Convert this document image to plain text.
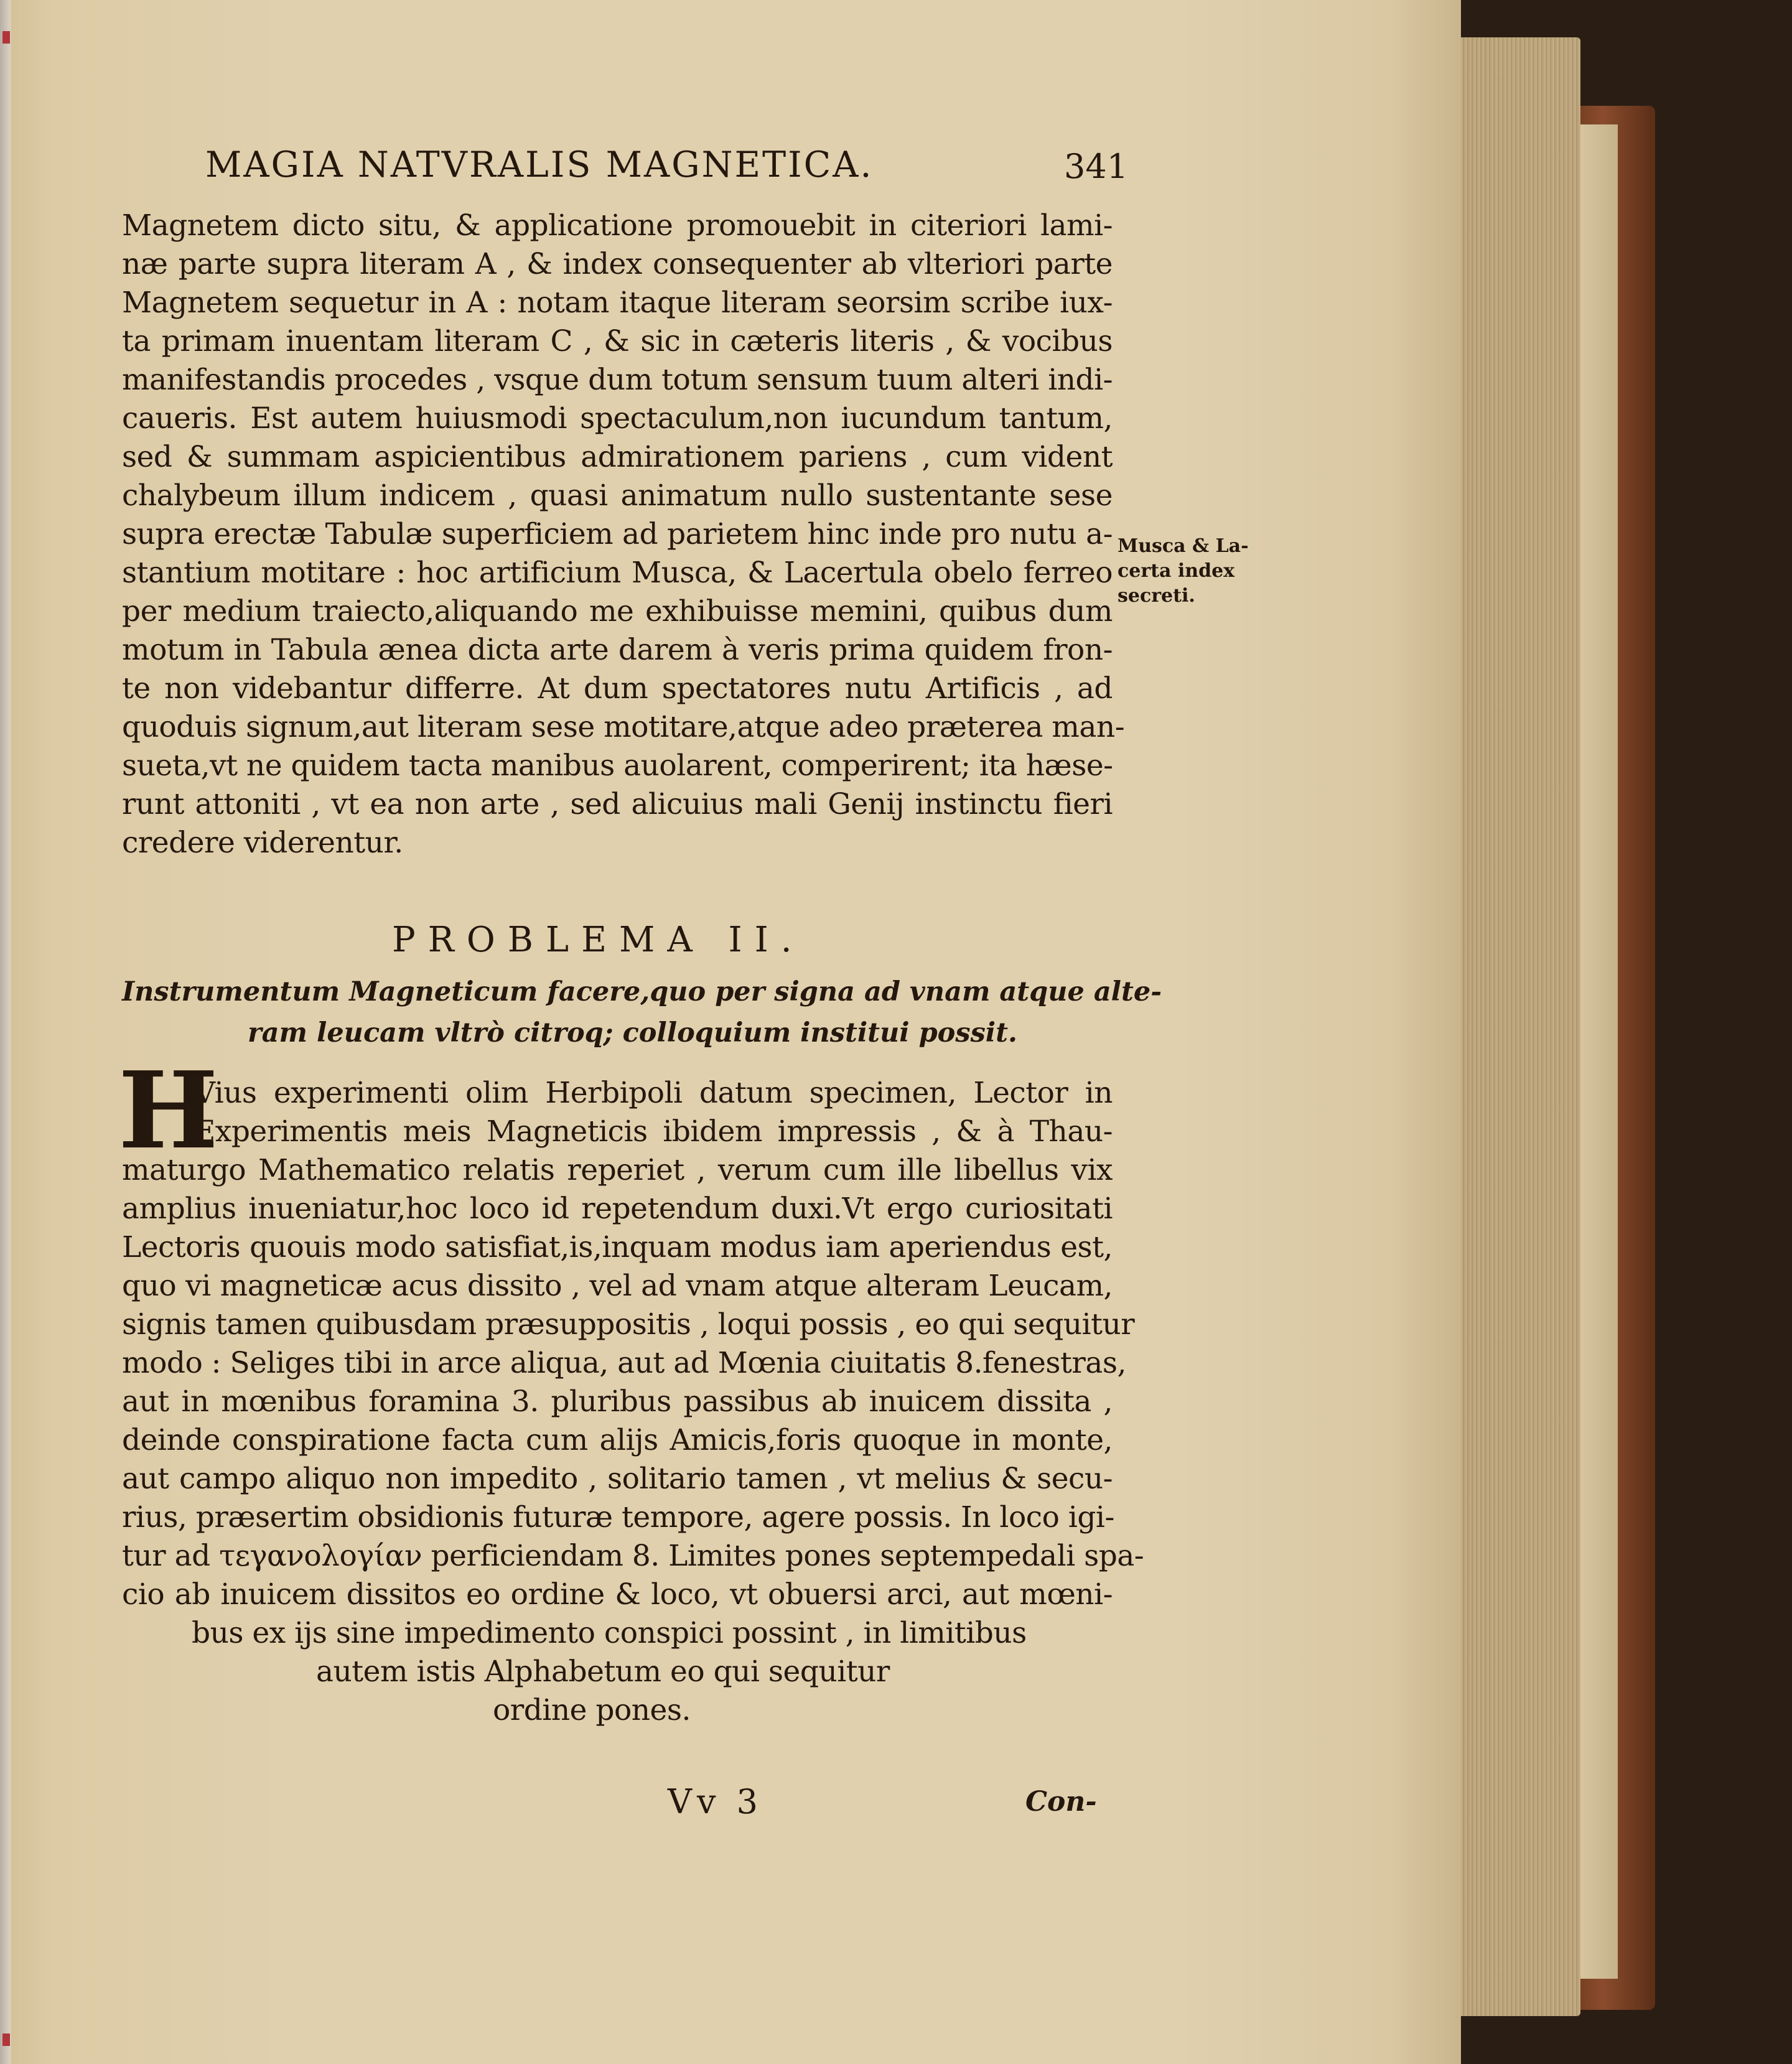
MAGIA NATVRALIS MAGNETICA.	341

Magnetem dicto situ, & applicatione promouebit in citeriori lami-

næ parte supra literam A , & index consequenter ab vlteriori parte

Magnetem sequetur in A : notam itaque literam seorsim scribe iux-

ta primam inuentam literam C , & sic in cæteris literis , & vocibus

manifestandis procedes , vsque dum totum sensum tuum alteri indi-

caueris. Est autem huiusmodi spectaculum,non iucundum tantum,

sed & summam aspicientibus admirationem pariens , cum vident

chalybeum illum indicem , quasi animatum nullo sustentante sese

supra erectæ Tabulæ superficiem ad parietem hinc inde pro nutu a-

stantium motitare : hoc artificium Musca, & Lacertula obelo ferreo

per medium traiecto,aliquando me exhibuisse memini, quibus dum

motum in Tabula ænea dicta arte darem à veris prima quidem fron-

te non videbantur differre. At dum spectatores nutu Artificis , ad

quoduis signum,aut literam sese motitare,atque adeo præterea man-

sueta,vt ne quidem tacta manibus auolarent, comperirent; ita hæse-

runt attoniti , vt ea non arte , sed alicuius mali Genij instinctu fieri

credere viderentur.

Musca & La-
certa index
secreti.

PROBLEMA II.

Instrumentum Magneticum facere,quo per signa ad vnam atque alte-

ram leucam vltrò citroq; colloquium institui possit.

H

Vius experimenti olim Herbipoli datum specimen, Lector in

Experimentis meis Magneticis ibidem impressis , & à Thau-

maturgo Mathematico relatis reperiet , verum cum ille libellus vix

amplius inueniatur,hoc loco id repetendum duxi.Vt ergo curiositati

Lectoris quouis modo satisfiat,is,inquam modus iam aperiendus est,

quo vi magneticæ acus dissito , vel ad vnam atque alteram Leucam,

signis tamen quibusdam præsuppositis , loqui possis , eo qui sequitur

modo : Seliges tibi in arce aliqua, aut ad Mœnia ciuitatis 8.fenestras,

aut in mœnibus foramina 3. pluribus passibus ab inuicem dissita ,

deinde conspiratione facta cum alijs Amicis,foris quoque in monte,

aut campo aliquo non impedito , solitario tamen , vt melius & secu-

rius, præsertim obsidionis futuræ tempore, agere possis. In loco igi-

tur ad τεγανολογίαν perficiendam 8. Limites pones septempedali spa-

cio ab inuicem dissitos eo ordine & loco, vt obuersi arci, aut mœni-

bus ex ijs sine impedimento conspici possint , in limitibus

autem istis Alphabetum eo qui sequitur

ordine pones.

Vv 3	Con-
